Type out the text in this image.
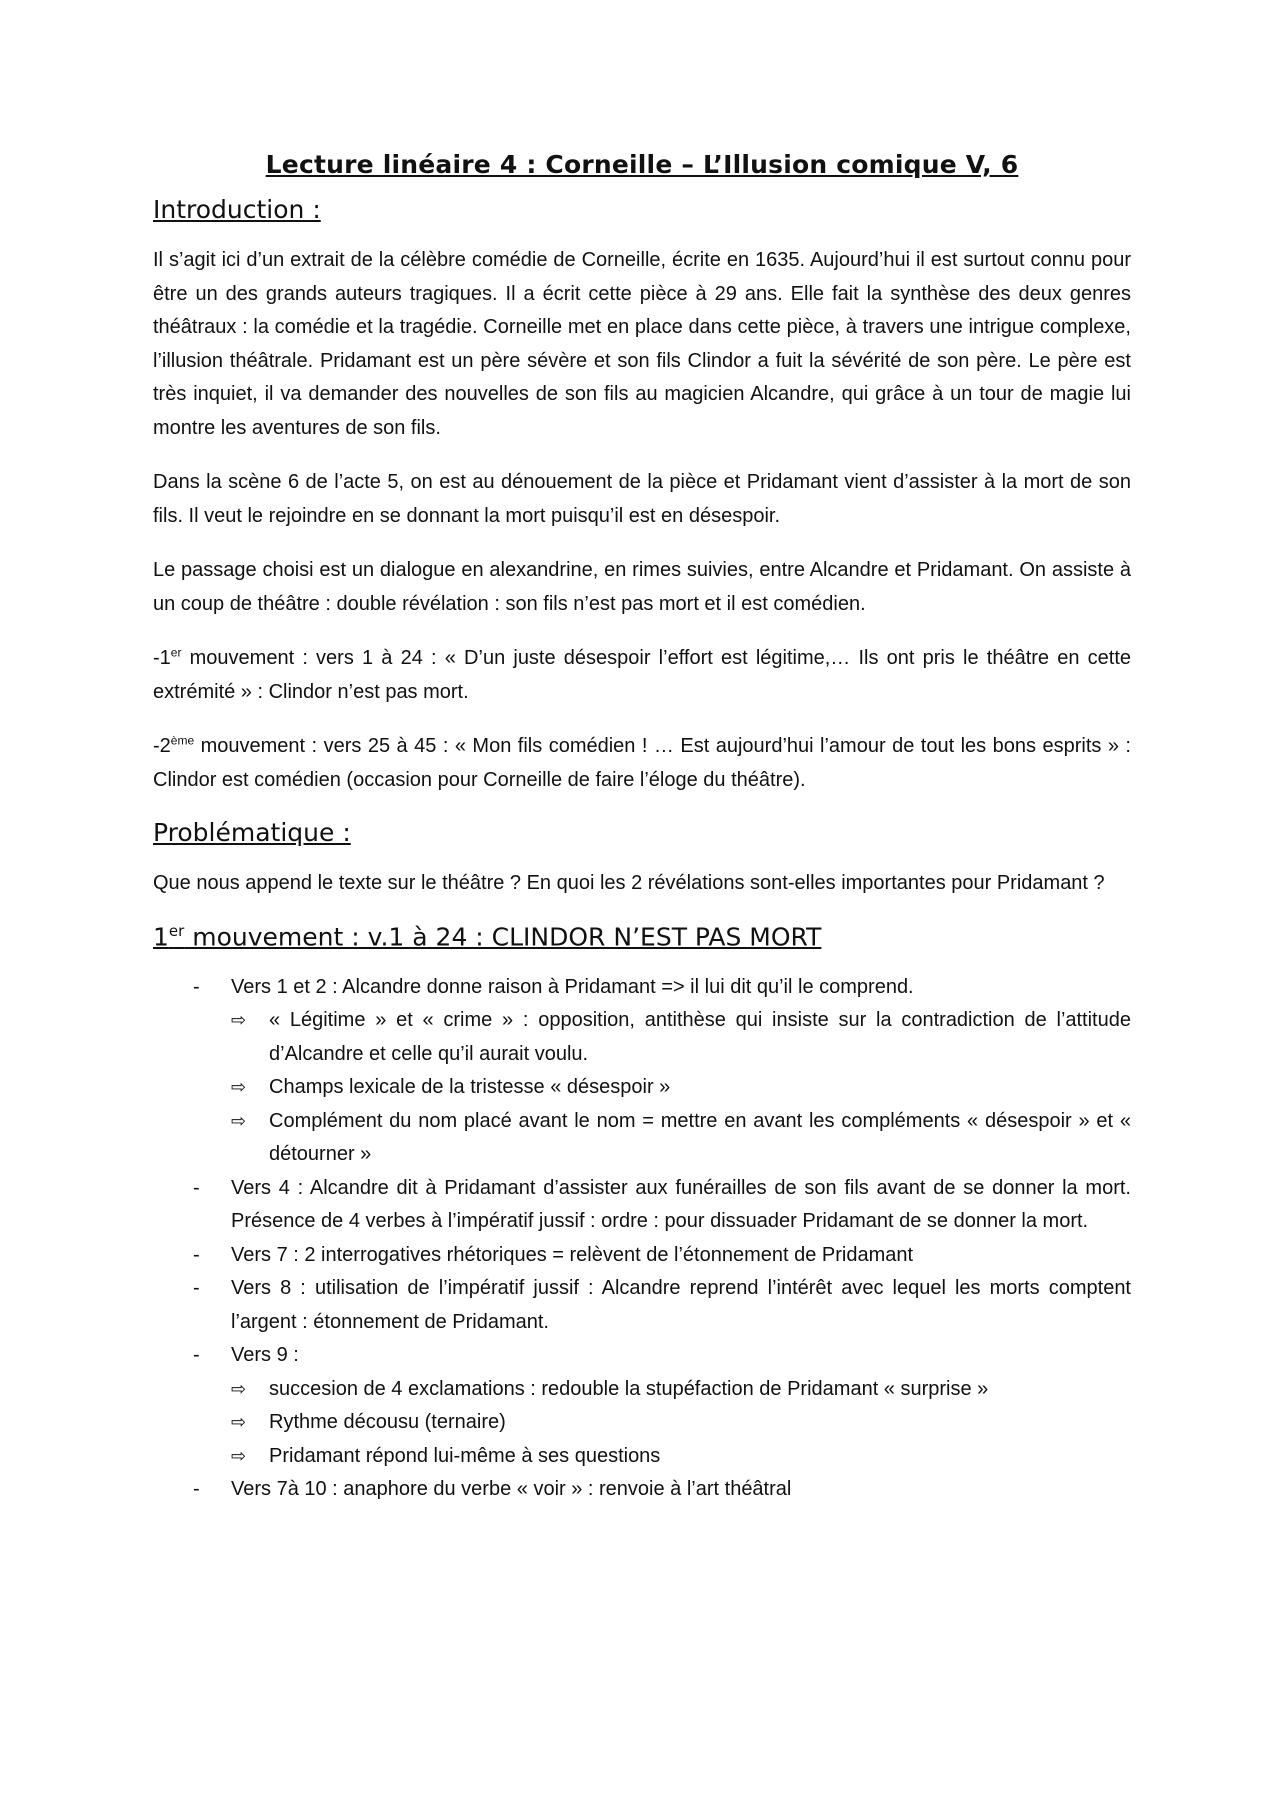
Lecture linéaire 4 : Corneille – L’Illusion comique V, 6
Introduction :

Il s’agit ici d’un extrait de la célèbre comédie de Corneille, écrite en 1635. Aujourd’hui il est surtout connu pour être un des grands auteurs tragiques. Il a écrit cette pièce à 29 ans. Elle fait la synthèse des deux genres théâtraux : la comédie et la tragédie. Corneille met en place dans cette pièce, à travers une intrigue complexe, l’illusion théâtrale. Pridamant est un père sévère et son fils Clindor a fuit la sévérité de son père. Le père est très inquiet, il va demander des nouvelles de son fils au magicien Alcandre, qui grâce à un tour de magie lui montre les aventures de son fils.

Dans la scène 6 de l’acte 5, on est au dénouement de la pièce et Pridamant vient d’assister à la mort de son fils. Il veut le rejoindre en se donnant la mort puisqu’il est en désespoir.

Le passage choisi est un dialogue en alexandrine, en rimes suivies, entre Alcandre et Pridamant. On assiste à un coup de théâtre : double révélation : son fils n’est pas mort et il est comédien.

-1er mouvement : vers 1 à 24 : « D’un juste désespoir l’effort est légitime,… Ils ont pris le théâtre en cette extrémité » : Clindor n’est pas mort.

-2ème mouvement : vers 25 à 45 : « Mon fils comédien ! … Est aujourd’hui l’amour de tout les bons esprits » : Clindor est comédien (occasion pour Corneille de faire l’éloge du théâtre).

Problématique :

Que nous append le texte sur le théâtre ? En quoi les 2 révélations sont-elles importantes pour Pridamant ?

1er mouvement : v.1 à 24 : CLINDOR N’EST PAS MORT
- Vers 1 et 2 : Alcandre donne raison à Pridamant => il lui dit qu’il le comprend.
⇨ « Légitime » et « crime » : opposition, antithèse qui insiste sur la contradiction de l’attitude d’Alcandre et celle qu’il aurait voulu.
⇨ Champs lexicale de la tristesse « désespoir »
⇨ Complément du nom placé avant le nom = mettre en avant les compléments « désespoir » et « détourner »
- Vers 4 : Alcandre dit à Pridamant d’assister aux funérailles de son fils avant de se donner la mort. Présence de 4 verbes à l’impératif jussif : ordre : pour dissuader Pridamant de se donner la mort.
- Vers 7 : 2 interrogatives rhétoriques = relèvent de l’étonnement de Pridamant
- Vers 8 : utilisation de l’impératif jussif : Alcandre reprend l’intérêt avec lequel les morts comptent l’argent : étonnement de Pridamant.
- Vers 9 :
⇨ succesion de 4 exclamations : redouble la stupéfaction de Pridamant « surprise »
⇨ Rythme décousu (ternaire)
⇨ Pridamant répond lui-même à ses questions
- Vers 7à 10 : anaphore du verbe « voir » : renvoie à l’art théâtral
